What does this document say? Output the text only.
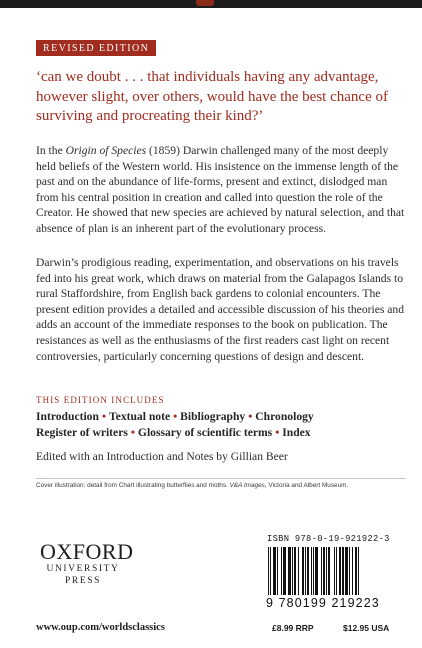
REVISED EDITION
‘can we doubt . . . that individuals having any advantage, however slight, over others, would have the best chance of surviving and procreating their kind?’
In the Origin of Species (1859) Darwin challenged many of the most deeply held beliefs of the Western world. His insistence on the immense length of the past and on the abundance of life-forms, present and extinct, dislodged man from his central position in creation and called into question the role of the Creator. He showed that new species are achieved by natural selection, and that absence of plan is an inherent part of the evolutionary process.
Darwin’s prodigious reading, experimentation, and observations on his travels fed into his great work, which draws on material from the Galapagos Islands to rural Staffordshire, from English back gardens to colonial encounters. The present edition provides a detailed and accessible discussion of his theories and adds an account of the immediate responses to the book on publication. The resistances as well as the enthusiasms of the first readers cast light on recent controversies, particularly concerning questions of design and descent.
THIS EDITION INCLUDES
Introduction • Textual note • Bibliography • Chronology
Register of writers • Glossary of scientific terms • Index
Edited with an Introduction and Notes by Gillian Beer
Cover illustration: detail from Chart illustrating butterflies and moths. V&A Images, Victoria and Albert Museum.
OXFORD
UNIVERSITY PRESS
www.oup.com/worldsclassics
ISBN 978-0-19-921922-3
9 780199 219223
£8.99 RRP	$12.95 USA
